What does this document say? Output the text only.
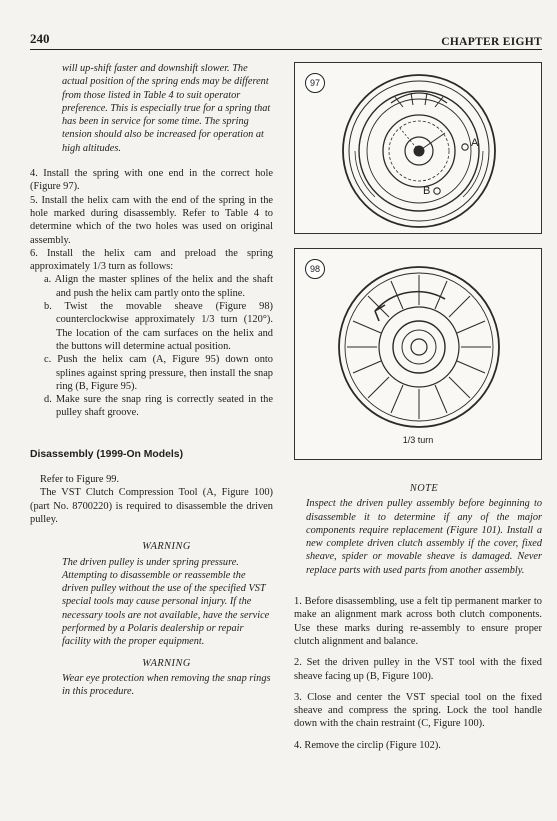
240	CHAPTER EIGHT

will up-shift faster and downshift slower. The actual position of the spring ends may be different from those listed in Table 4 to suit operator preference. This is especially true for a spring that has been in service for some time. The spring tension should also be increased for operation at high altitudes.

4. Install the spring with one end in the correct hole (Figure 97).

5. Install the helix cam with the end of the spring in the hole marked during disassembly. Refer to Table 4 to determine which of the two holes was used on original assembly.

6. Install the helix cam and preload the spring approximately 1/3 turn as follows:

a. Align the master splines of the helix and the shaft and push the helix cam partly onto the spline.

b. Twist the movable sheave (Figure 98) counterclockwise approximately 1/3 turn (120°). The location of the cam surfaces on the helix and the buttons will determine actual position.

c. Push the helix cam (A, Figure 95) down onto splines against spring pressure, then install the snap ring (B, Figure 95).

d. Make sure the snap ring is correctly seated in the pulley shaft groove.

Disassembly (1999-On Models)

Refer to Figure 99.

The VST Clutch Compression Tool (A, Figure 100) (part No. 8700220) is required to disassemble the driven pulley.

WARNING

The driven pulley is under spring pressure. Attempting to disassemble or reassemble the driven pulley without the use of the specified VST special tools may cause personal injury. If the necessary tools are not available, have the service performed by a Polaris dealership or repair facility with the proper equipment.

WARNING

Wear eye protection when removing the snap rings in this procedure.

97
A
B
98
1/3 turn
NOTE

Inspect the driven pulley assembly before beginning to disassemble it to determine if any of the major components require replacement (Figure 101). Install a new complete driven clutch assembly if the cover, fixed sheave, spider or movable sheave is damaged. Never replace parts with used parts from another assembly.

1. Before disassembling, use a felt tip permanent marker to make an alignment mark across both clutch components. Use these marks during re-assembly to ensure proper clutch alignment and balance.

2. Set the driven pulley in the VST tool with the fixed sheave facing up (B, Figure 100).

3. Close and center the VST special tool on the fixed sheave and compress the spring. Lock the tool handle down with the chain restraint (C, Figure 100).

4. Remove the circlip (Figure 102).
